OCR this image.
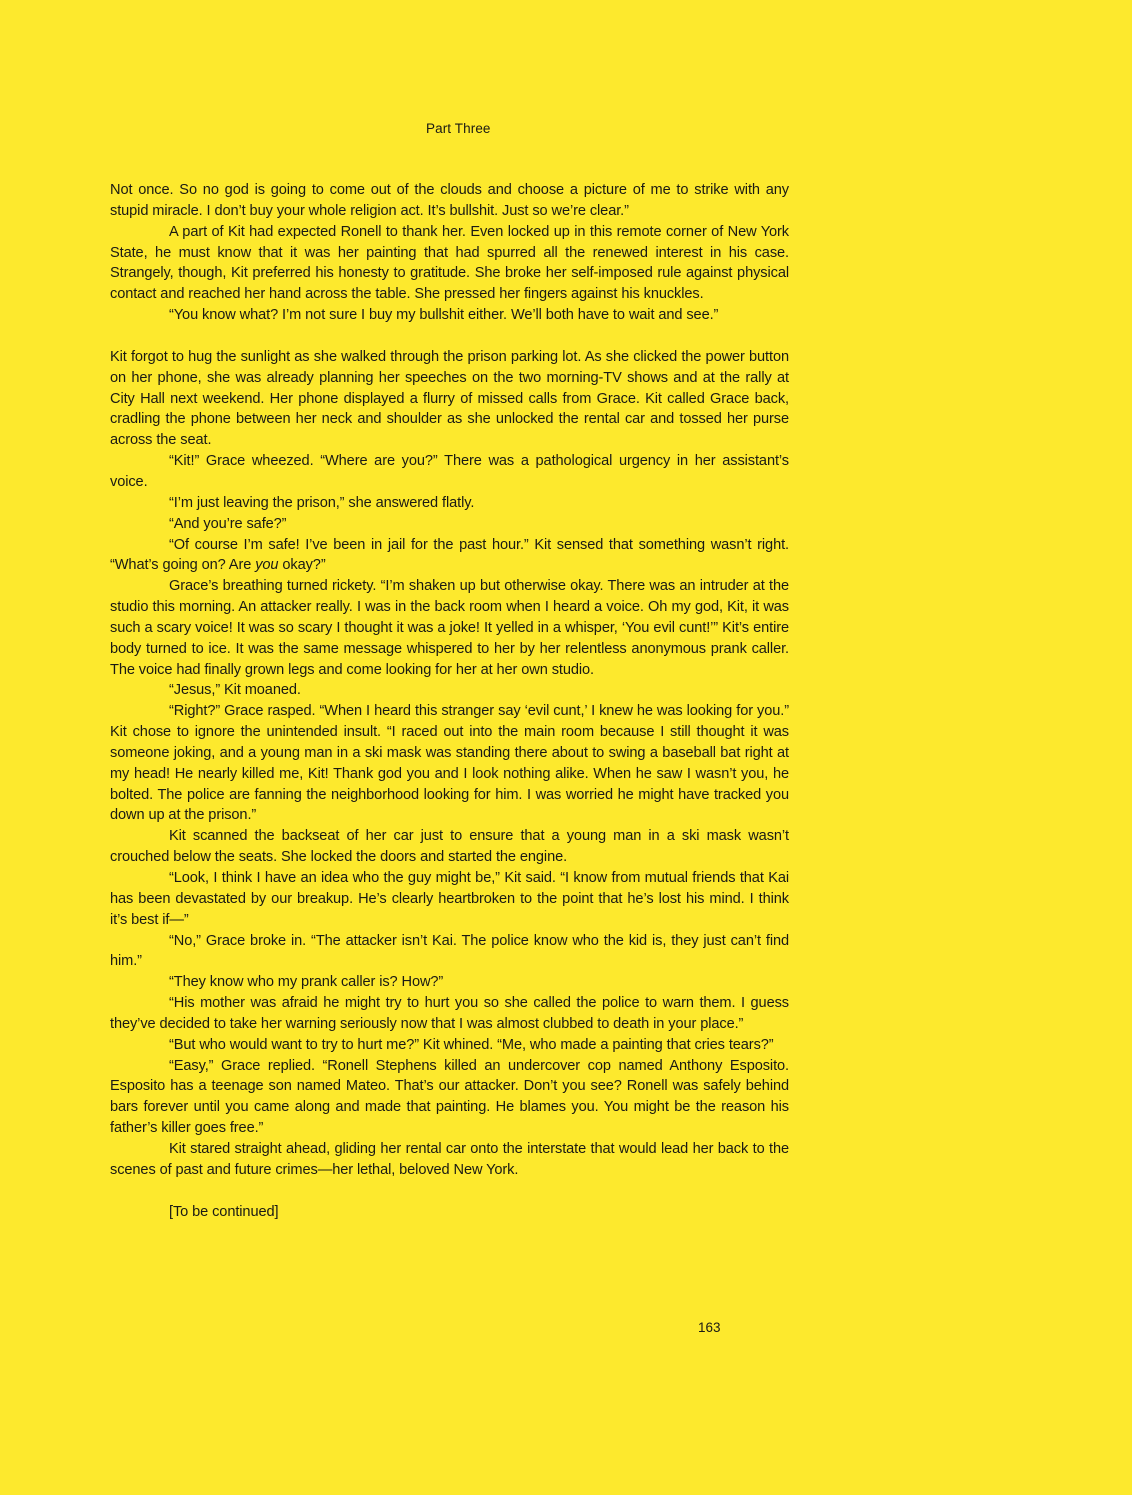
Part Three

Not once. So no god is going to come out of the clouds and choose a picture of me to strike with any stupid miracle. I don’t buy your whole religion act. It’s bullshit. Just so we’re clear.”

A part of Kit had expected Ronell to thank her. Even locked up in this remote corner of New York State, he must know that it was her painting that had spurred all the renewed interest in his case. Strangely, though, Kit preferred his honesty to gratitude. She broke her self-imposed rule against physical contact and reached her hand across the table. She pressed her fingers against his knuckles.

“You know what? I’m not sure I buy my bullshit either. We’ll both have to wait and see.”

Kit forgot to hug the sunlight as she walked through the prison parking lot. As she clicked the power button on her phone, she was already planning her speeches on the two morning-TV shows and at the rally at City Hall next weekend. Her phone displayed a flurry of missed calls from Grace. Kit called Grace back, cradling the phone between her neck and shoulder as she unlocked the rental car and tossed her purse across the seat.

“Kit!” Grace wheezed. “Where are you?” There was a pathological urgency in her assistant’s voice.

“I’m just leaving the prison,” she answered flatly.

“And you’re safe?”

“Of course I’m safe! I’ve been in jail for the past hour.” Kit sensed that something wasn’t right. “What’s going on? Are you okay?”

Grace’s breathing turned rickety. “I’m shaken up but otherwise okay. There was an intruder at the studio this morning. An attacker really. I was in the back room when I heard a voice. Oh my god, Kit, it was such a scary voice! It was so scary I thought it was a joke! It yelled in a whisper, ‘You evil cunt!’” Kit’s entire body turned to ice. It was the same message whispered to her by her relentless anonymous prank caller. The voice had finally grown legs and come looking for her at her own studio.

“Jesus,” Kit moaned.

“Right?” Grace rasped. “When I heard this stranger say ‘evil cunt,’ I knew he was looking for you.” Kit chose to ignore the unintended insult. “I raced out into the main room because I still thought it was someone joking, and a young man in a ski mask was standing there about to swing a baseball bat right at my head! He nearly killed me, Kit! Thank god you and I look nothing alike. When he saw I wasn’t you, he bolted. The police are fanning the neighborhood looking for him. I was worried he might have tracked you down up at the prison.”

Kit scanned the backseat of her car just to ensure that a young man in a ski mask wasn’t crouched below the seats. She locked the doors and started the engine.

“Look, I think I have an idea who the guy might be,” Kit said. “I know from mutual friends that Kai has been devastated by our breakup. He’s clearly heartbroken to the point that he’s lost his mind. I think it’s best if—”

“No,” Grace broke in. “The attacker isn’t Kai. The police know who the kid is, they just can’t find him.”

“They know who my prank caller is? How?”

“His mother was afraid he might try to hurt you so she called the police to warn them. I guess they’ve decided to take her warning seriously now that I was almost clubbed to death in your place.”

“But who would want to try to hurt me?” Kit whined. “Me, who made a painting that cries tears?”

“Easy,” Grace replied. “Ronell Stephens killed an undercover cop named Anthony Esposito. Esposito has a teenage son named Mateo. That’s our attacker. Don’t you see? Ronell was safely behind bars forever until you came along and made that painting. He blames you. You might be the reason his father’s killer goes free.”

Kit stared straight ahead, gliding her rental car onto the interstate that would lead her back to the scenes of past and future crimes—her lethal, beloved New York.

[To be continued]

163
